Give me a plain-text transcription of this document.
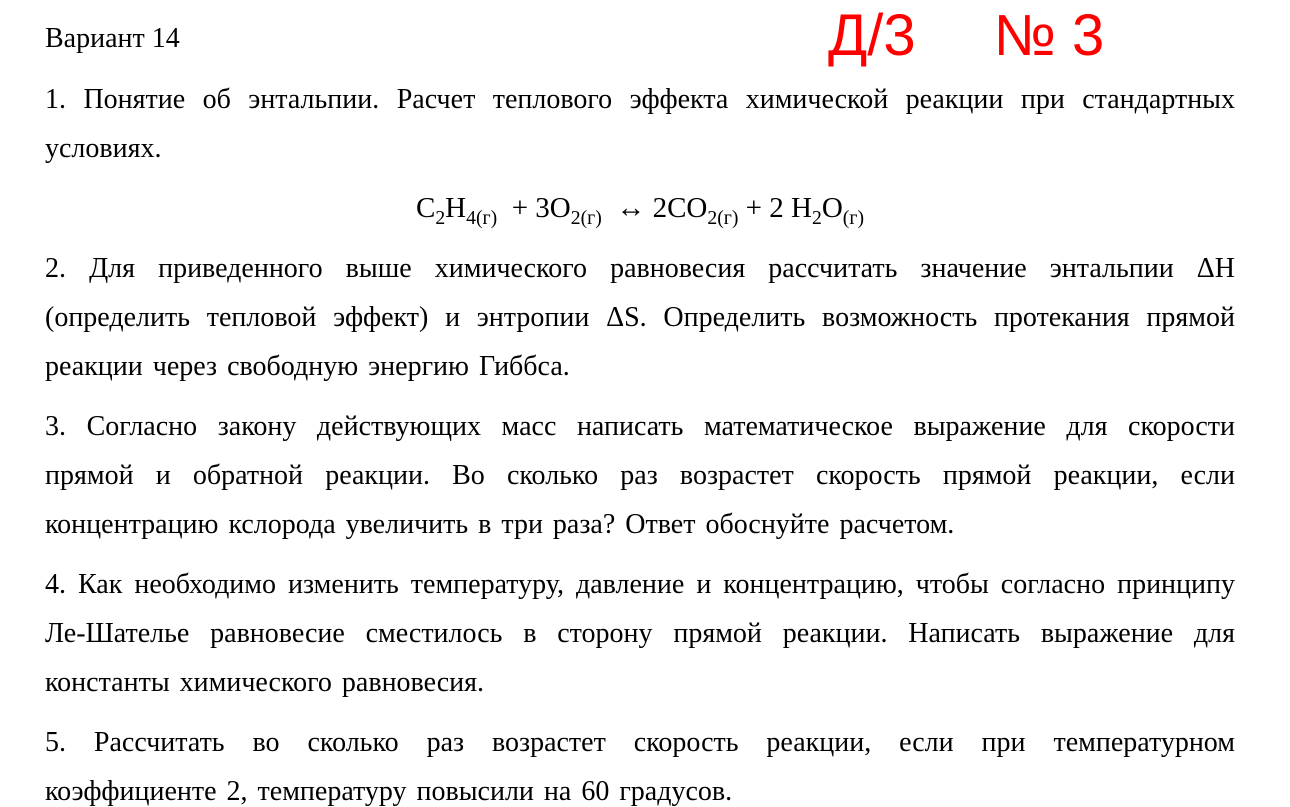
Д/3 № 3
Вариант 14

1. Понятие об энтальпии. Расчет теплового эффекта химической реакции при стандартных условиях.

$C_2H_{4(г)} + 3O_{2(г)}$  ↔ $2CO_{2(г)} + 2$ $H_2O_{(г)}$

2. Для приведенного выше химического равновесия рассчитать значение энтальпии ΔH (определить тепловой эффект) и энтропии ΔS. Определить возможность протекания прямой реакции через свободную энергию Гиббса.

3. Согласно закону действующих масс написать математическое выражение для скорости прямой и обратной реакции. Во сколько раз возрастет скорость прямой реакции, если концентрацию кслорода увеличить в три раза? Ответ обоснуйте расчетом.

4. Как необходимо изменить температуру, давление и концентрацию, чтобы согласно принципу Ле-Шателье равновесие сместилось в сторону прямой реакции. Написать выражение для константы химического равновесия.

5. Рассчитать во сколько раз возрастет скорость реакции, если при температурном коэффициенте 2, температуру повысили на 60 градусов.
